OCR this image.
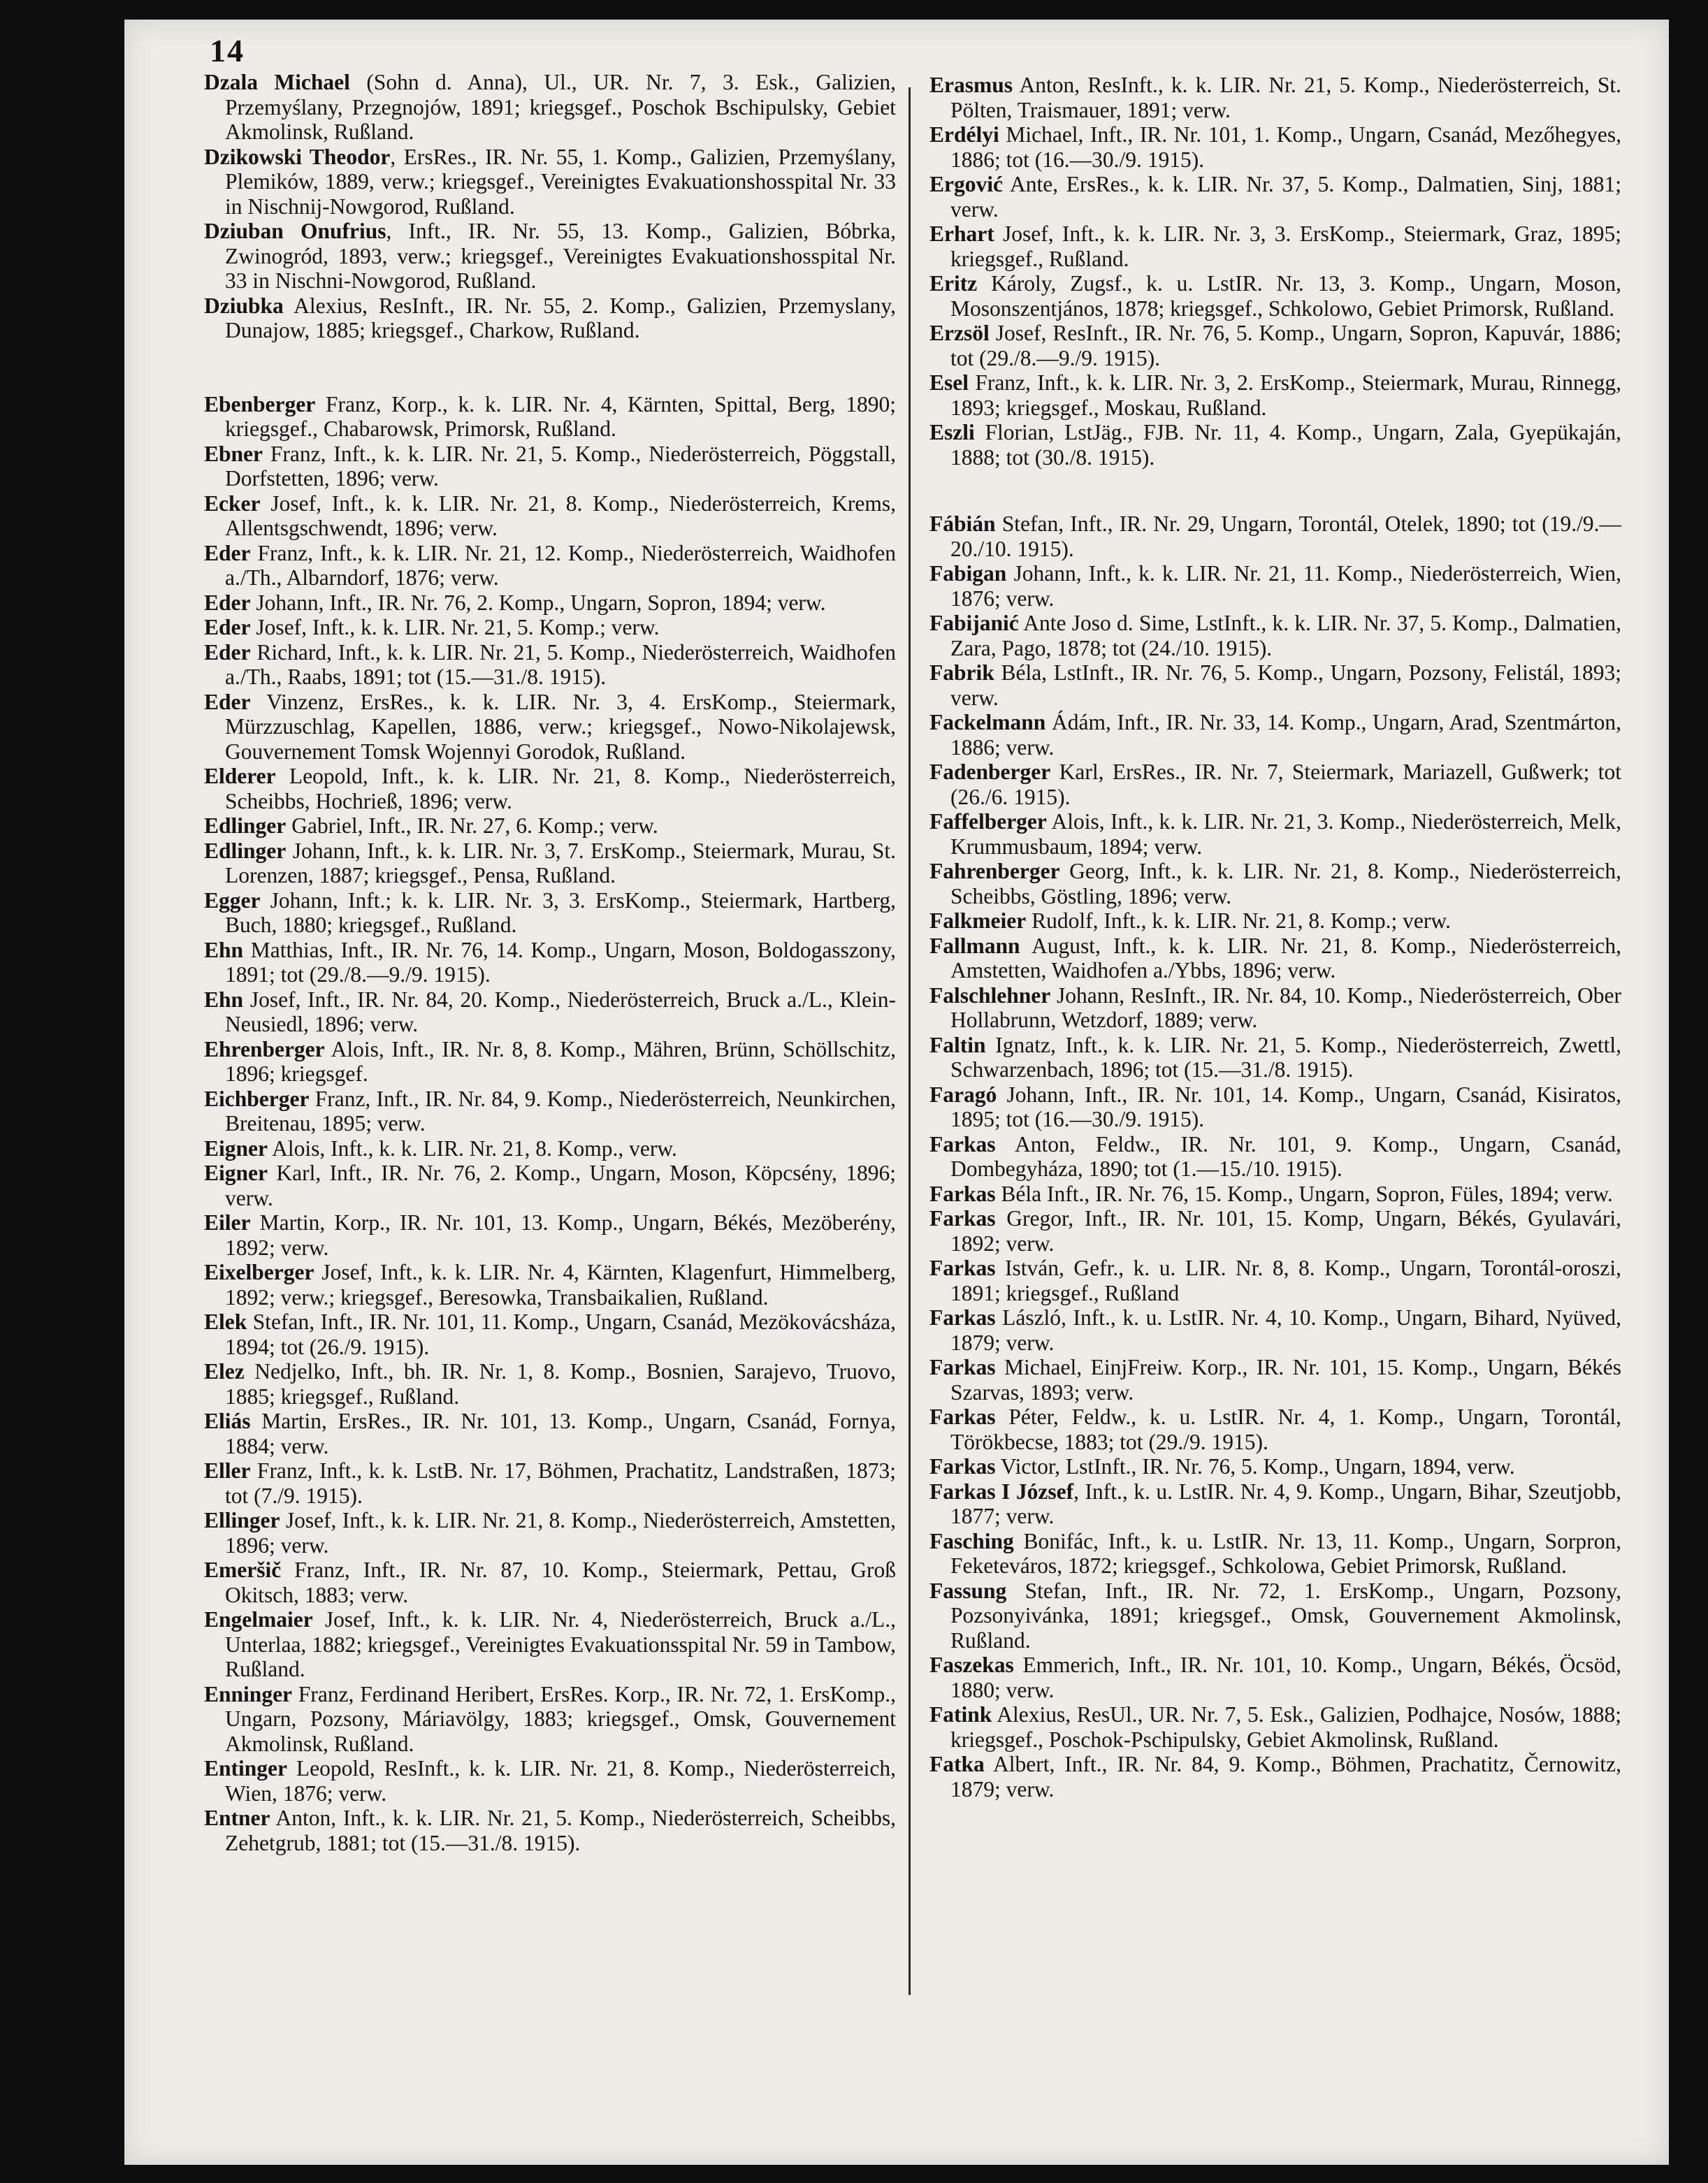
14

Dzala Michael (Sohn d. Anna), Ul., UR. Nr. 7, 3. Esk., Galizien, Przemyślany, Przegnojów, 1891; kriegsgef., Poschok Bschipulsky, Gebiet Akmolinsk, Rußland.

Dzikowski Theodor, ErsRes., IR. Nr. 55, 1. Komp., Galizien, Przemyślany, Plemików, 1889, verw.; kriegsgef., Vereinigtes Evakuationshosspital Nr. 33 in Nischnij-Nowgorod, Rußland.

Dziuban Onufrius, Inft., IR. Nr. 55, 13. Komp., Galizien, Bóbrka, Zwinogród, 1893, verw.; kriegsgef., Vereinigtes Evakuationshosspital Nr. 33 in Nischni-Nowgorod, Rußland.

Dziubka Alexius, ResInft., IR. Nr. 55, 2. Komp., Galizien, Przemyslany, Dunajow, 1885; kriegsgef., Charkow, Rußland.

Ebenberger Franz, Korp., k. k. LIR. Nr. 4, Kärnten, Spittal, Berg, 1890; kriegsgef., Chabarowsk, Primorsk, Rußland.

Ebner Franz, Inft., k. k. LIR. Nr. 21, 5. Komp., Niederösterreich, Pöggstall, Dorfstetten, 1896; verw.

Ecker Josef, Inft., k. k. LIR. Nr. 21, 8. Komp., Niederösterreich, Krems, Allentsgschwendt, 1896; verw.

Eder Franz, Inft., k. k. LIR. Nr. 21, 12. Komp., Niederösterreich, Waidhofen a./Th., Albarndorf, 1876; verw.

Eder Johann, Inft., IR. Nr. 76, 2. Komp., Ungarn, Sopron, 1894; verw.

Eder Josef, Inft., k. k. LIR. Nr. 21, 5. Komp.; verw.

Eder Richard, Inft., k. k. LIR. Nr. 21, 5. Komp., Niederösterreich, Waidhofen a./Th., Raabs, 1891; tot (15.—31./8. 1915).

Eder Vinzenz, ErsRes., k. k. LIR. Nr. 3, 4. ErsKomp., Steiermark, Mürzzuschlag, Kapellen, 1886, verw.; kriegsgef., Nowo-Nikolajewsk, Gouvernement Tomsk Wojennyi Gorodok, Rußland.

Elderer Leopold, Inft., k. k. LIR. Nr. 21, 8. Komp., Niederösterreich, Scheibbs, Hochrieß, 1896; verw.

Edlinger Gabriel, Inft., IR. Nr. 27, 6. Komp.; verw.

Edlinger Johann, Inft., k. k. LIR. Nr. 3, 7. ErsKomp., Steiermark, Murau, St. Lorenzen, 1887; kriegsgef., Pensa, Rußland.

Egger Johann, Inft.; k. k. LIR. Nr. 3, 3. ErsKomp., Steiermark, Hartberg, Buch, 1880; kriegsgef., Rußland.

Ehn Matthias, Inft., IR. Nr. 76, 14. Komp., Ungarn, Moson, Boldogasszony, 1891; tot (29./8.—9./9. 1915).

Ehn Josef, Inft., IR. Nr. 84, 20. Komp., Niederösterreich, Bruck a./L., Klein-Neusiedl, 1896; verw.

Ehrenberger Alois, Inft., IR. Nr. 8, 8. Komp., Mähren, Brünn, Schöllschitz, 1896; kriegsgef.

Eichberger Franz, Inft., IR. Nr. 84, 9. Komp., Niederösterreich, Neunkirchen, Breitenau, 1895; verw.

Eigner Alois, Inft., k. k. LIR. Nr. 21, 8. Komp., verw.

Eigner Karl, Inft., IR. Nr. 76, 2. Komp., Ungarn, Moson, Köpcsény, 1896; verw.

Eiler Martin, Korp., IR. Nr. 101, 13. Komp., Ungarn, Békés, Mezöberény, 1892; verw.

Eixelberger Josef, Inft., k. k. LIR. Nr. 4, Kärnten, Klagenfurt, Himmelberg, 1892; verw.; kriegsgef., Beresowka, Transbaikalien, Rußland.

Elek Stefan, Inft., IR. Nr. 101, 11. Komp., Ungarn, Csanád, Mezökovácsháza, 1894; tot (26./9. 1915).

Elez Nedjelko, Inft., bh. IR. Nr. 1, 8. Komp., Bosnien, Sarajevo, Truovo, 1885; kriegsgef., Rußland.

Eliás Martin, ErsRes., IR. Nr. 101, 13. Komp., Ungarn, Csanád, Fornya, 1884; verw.

Eller Franz, Inft., k. k. LstB. Nr. 17, Böhmen, Prachatitz, Landstraßen, 1873; tot (7./9. 1915).

Ellinger Josef, Inft., k. k. LIR. Nr. 21, 8. Komp., Niederösterreich, Amstetten, 1896; verw.

Emeršič Franz, Inft., IR. Nr. 87, 10. Komp., Steiermark, Pettau, Groß Okitsch, 1883; verw.

Engelmaier Josef, Inft., k. k. LIR. Nr. 4, Niederösterreich, Bruck a./L., Unterlaa, 1882; kriegsgef., Vereinigtes Evakuationsspital Nr. 59 in Tambow, Rußland.

Enninger Franz, Ferdinand Heribert, ErsRes. Korp., IR. Nr. 72, 1. ErsKomp., Ungarn, Pozsony, Máriavölgy, 1883; kriegsgef., Omsk, Gouvernement Akmolinsk, Rußland.

Entinger Leopold, ResInft., k. k. LIR. Nr. 21, 8. Komp., Niederösterreich, Wien, 1876; verw.

Entner Anton, Inft., k. k. LIR. Nr. 21, 5. Komp., Niederösterreich, Scheibbs, Zehetgrub, 1881; tot (15.—31./8. 1915).

Erasmus Anton, ResInft., k. k. LIR. Nr. 21, 5. Komp., Niederösterreich, St. Pölten, Traismauer, 1891; verw.

Erdélyi Michael, Inft., IR. Nr. 101, 1. Komp., Ungarn, Csanád, Mezőhegyes, 1886; tot (16.—30./9. 1915).

Ergović Ante, ErsRes., k. k. LIR. Nr. 37, 5. Komp., Dalmatien, Sinj, 1881; verw.

Erhart Josef, Inft., k. k. LIR. Nr. 3, 3. ErsKomp., Steiermark, Graz, 1895; kriegsgef., Rußland.

Eritz Károly, Zugsf., k. u. LstIR. Nr. 13, 3. Komp., Ungarn, Moson, Mosonszentjános, 1878; kriegsgef., Schkolowo, Gebiet Primorsk, Rußland.

Erzsöl Josef, ResInft., IR. Nr. 76, 5. Komp., Ungarn, Sopron, Kapuvár, 1886; tot (29./8.—9./9. 1915).

Esel Franz, Inft., k. k. LIR. Nr. 3, 2. ErsKomp., Steiermark, Murau, Rinnegg, 1893; kriegsgef., Moskau, Rußland.

Eszli Florian, LstJäg., FJB. Nr. 11, 4. Komp., Ungarn, Zala, Gyepükaján, 1888; tot (30./8. 1915).

Fábián Stefan, Inft., IR. Nr. 29, Ungarn, Torontál, Otelek, 1890; tot (19./9.—20./10. 1915).

Fabigan Johann, Inft., k. k. LIR. Nr. 21, 11. Komp., Niederösterreich, Wien, 1876; verw.

Fabijanić Ante Joso d. Sime, LstInft., k. k. LIR. Nr. 37, 5. Komp., Dalmatien, Zara, Pago, 1878; tot (24./10. 1915).

Fabrik Béla, LstInft., IR. Nr. 76, 5. Komp., Ungarn, Pozsony, Felistál, 1893; verw.

Fackelmann Ádám, Inft., IR. Nr. 33, 14. Komp., Ungarn, Arad, Szentmárton, 1886; verw.

Fadenberger Karl, ErsRes., IR. Nr. 7, Steiermark, Mariazell, Gußwerk; tot (26./6. 1915).

Faffelberger Alois, Inft., k. k. LIR. Nr. 21, 3. Komp., Niederösterreich, Melk, Krummusbaum, 1894; verw.

Fahrenberger Georg, Inft., k. k. LIR. Nr. 21, 8. Komp., Niederösterreich, Scheibbs, Göstling, 1896; verw.

Falkmeier Rudolf, Inft., k. k. LIR. Nr. 21, 8. Komp.; verw.

Fallmann August, Inft., k. k. LIR. Nr. 21, 8. Komp., Niederösterreich, Amstetten, Waidhofen a./Ybbs, 1896; verw.

Falschlehner Johann, ResInft., IR. Nr. 84, 10. Komp., Niederösterreich, Ober Hollabrunn, Wetzdorf, 1889; verw.

Faltin Ignatz, Inft., k. k. LIR. Nr. 21, 5. Komp., Niederösterreich, Zwettl, Schwarzenbach, 1896; tot (15.—31./8. 1915).

Faragó Johann, Inft., IR. Nr. 101, 14. Komp., Ungarn, Csanád, Kisiratos, 1895; tot (16.—30./9. 1915).

Farkas Anton, Feldw., IR. Nr. 101, 9. Komp., Ungarn, Csanád, Dombegyháza, 1890; tot (1.—15./10. 1915).

Farkas Béla Inft., IR. Nr. 76, 15. Komp., Ungarn, Sopron, Füles, 1894; verw.

Farkas Gregor, Inft., IR. Nr. 101, 15. Komp, Ungarn, Békés, Gyulavári, 1892; verw.

Farkas István, Gefr., k. u. LIR. Nr. 8, 8. Komp., Ungarn, Torontál-oroszi, 1891; kriegsgef., Rußland

Farkas László, Inft., k. u. LstIR. Nr. 4, 10. Komp., Ungarn, Bihard, Nyüved, 1879; verw.

Farkas Michael, EinjFreiw. Korp., IR. Nr. 101, 15. Komp., Ungarn, Békés Szarvas, 1893; verw.

Farkas Péter, Feldw., k. u. LstIR. Nr. 4, 1. Komp., Ungarn, Torontál, Törökbecse, 1883; tot (29./9. 1915).

Farkas Victor, LstInft., IR. Nr. 76, 5. Komp., Ungarn, 1894, verw.

Farkas I József, Inft., k. u. LstIR. Nr. 4, 9. Komp., Ungarn, Bihar, Szeutjobb, 1877; verw.

Fasching Bonifác, Inft., k. u. LstIR. Nr. 13, 11. Komp., Ungarn, Sorpron, Feketeváros, 1872; kriegsgef., Schkolowa, Gebiet Primorsk, Rußland.

Fassung Stefan, Inft., IR. Nr. 72, 1. ErsKomp., Ungarn, Pozsony, Pozsonyivánka, 1891; kriegsgef., Omsk, Gouvernement Akmolinsk, Rußland.

Faszekas Emmerich, Inft., IR. Nr. 101, 10. Komp., Ungarn, Békés, Öcsöd, 1880; verw.

Fatink Alexius, ResUl., UR. Nr. 7, 5. Esk., Galizien, Podhajce, Nosów, 1888; kriegsgef., Poschok-Pschipulsky, Gebiet Akmolinsk, Rußland.

Fatka Albert, Inft., IR. Nr. 84, 9. Komp., Böhmen, Prachatitz, Černowitz, 1879; verw.
